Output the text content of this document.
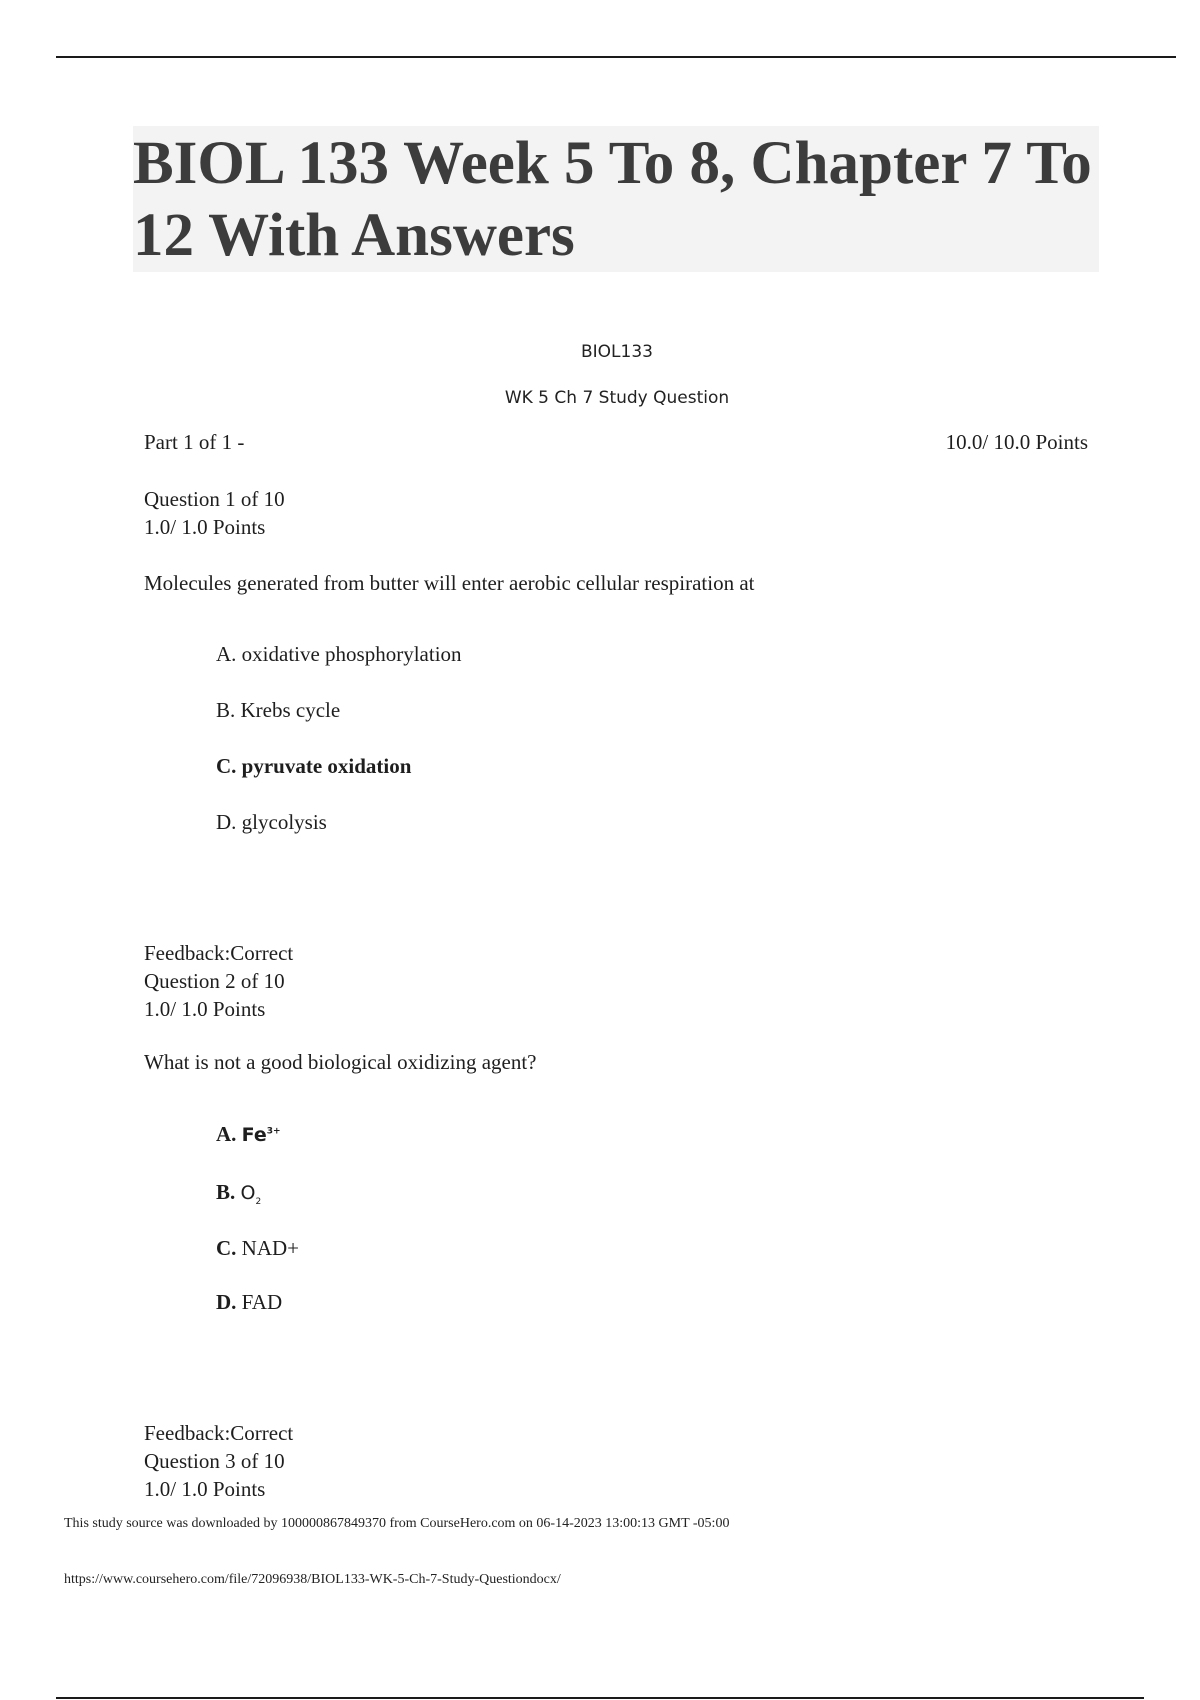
BIOL 133 Week 5 To 8, Chapter 7 To 12 With Answers
BIOL133
WK 5 Ch 7 Study Question
Part 1 of 1 -	10.0/ 10.0 Points
Question 1 of 10
1.0/ 1.0 Points
Molecules generated from butter will enter aerobic cellular respiration at
A. oxidative phosphorylation
B. Krebs cycle
C. pyruvate oxidation
D. glycolysis
Feedback:Correct
Question 2 of 10
1.0/ 1.0 Points
What is not a good biological oxidizing agent?
A. $Fe^{3+}$
B. $O_2$
C. NAD+
D. FAD
Feedback:Correct
Question 3 of 10
1.0/ 1.0 Points
This study source was downloaded by 100000867849370 from CourseHero.com on 06-14-2023 13:00:13 GMT -05:00
https://www.coursehero.com/file/72096938/BIOL133-WK-5-Ch-7-Study-Questiondocx/
